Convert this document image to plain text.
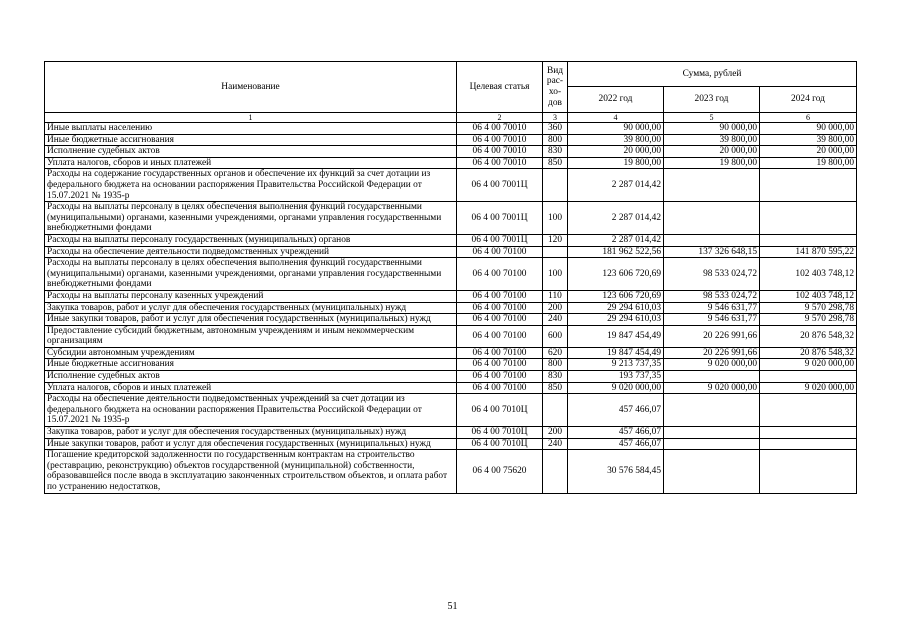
Наименование	Целевая статья	Вид рас-хо-дов	Сумма, рублей		
			2022 год	2023 год	2024 год
1	2	3	4	5	6
Иные выплаты населению	06 4 00 70010	360	90 000,00	90 000,00	90 000,00
Иные бюджетные ассигнования	06 4 00 70010	800	39 800,00	39 800,00	39 800,00
Исполнение судебных актов	06 4 00 70010	830	20 000,00	20 000,00	20 000,00
Уплата налогов, сборов и иных платежей	06 4 00 70010	850	19 800,00	19 800,00	19 800,00
Расходы на содержание государственных органов и обеспечение их функций за счет дотации из федерального бюджета на основании распоряжения Правительства Российской Федерации от 15.07.2021 № 1935-р	06 4 00 7001Ц		2 287 014,42		
Расходы на выплаты персоналу в целях обеспечения выполнения функций государственными (муниципальными) органами, казенными учреждениями, органами управления государственными внебюджетными фондами	06 4 00 7001Ц	100	2 287 014,42		
Расходы на выплаты персоналу государственных (муниципальных) органов	06 4 00 7001Ц	120	2 287 014,42		
Расходы на обеспечение деятельности подведомственных учреждений	06 4 00 70100		181 962 522,56	137 326 648,15	141 870 595,22
Расходы на выплаты персоналу в целях обеспечения выполнения функций государственными (муниципальными) органами, казенными учреждениями, органами управления государственными внебюджетными фондами	06 4 00 70100	100	123 606 720,69	98 533 024,72	102 403 748,12
Расходы на выплаты персоналу казенных учреждений	06 4 00 70100	110	123 606 720,69	98 533 024,72	102 403 748,12
Закупка товаров, работ и услуг для обеспечения государственных (муниципальных) нужд	06 4 00 70100	200	29 294 610,03	9 546 631,77	9 570 298,78
Иные закупки товаров, работ и услуг для обеспечения государственных (муниципальных) нужд	06 4 00 70100	240	29 294 610,03	9 546 631,77	9 570 298,78
Предоставление субсидий бюджетным, автономным учреждениям и иным некоммерческим организациям	06 4 00 70100	600	19 847 454,49	20 226 991,66	20 876 548,32
Субсидии автономным учреждениям	06 4 00 70100	620	19 847 454,49	20 226 991,66	20 876 548,32
Иные бюджетные ассигнования	06 4 00 70100	800	9 213 737,35	9 020 000,00	9 020 000,00
Исполнение судебных актов	06 4 00 70100	830	193 737,35		
Уплата налогов, сборов и иных платежей	06 4 00 70100	850	9 020 000,00	9 020 000,00	9 020 000,00
Расходы на обеспечение деятельности подведомственных учреждений за счет дотации из федерального бюджета на основании распоряжения Правительства Российской Федерации от 15.07.2021 № 1935-р	06 4 00 7010Ц		457 466,07		
Закупка товаров, работ и услуг для обеспечения государственных (муниципальных) нужд	06 4 00 7010Ц	200	457 466,07		
Иные закупки товаров, работ и услуг для обеспечения государственных (муниципальных) нужд	06 4 00 7010Ц	240	457 466,07		
Погашение кредиторской задолженности по государственным контрактам на строительство (реставрацию, реконструкцию) объектов государственной (муниципальной) собственности, образовавшейся после ввода в эксплуатацию законченных строительством объектов, и оплата работ по устранению недостатков,	06 4 00 75620		30 576 584,45		
51
